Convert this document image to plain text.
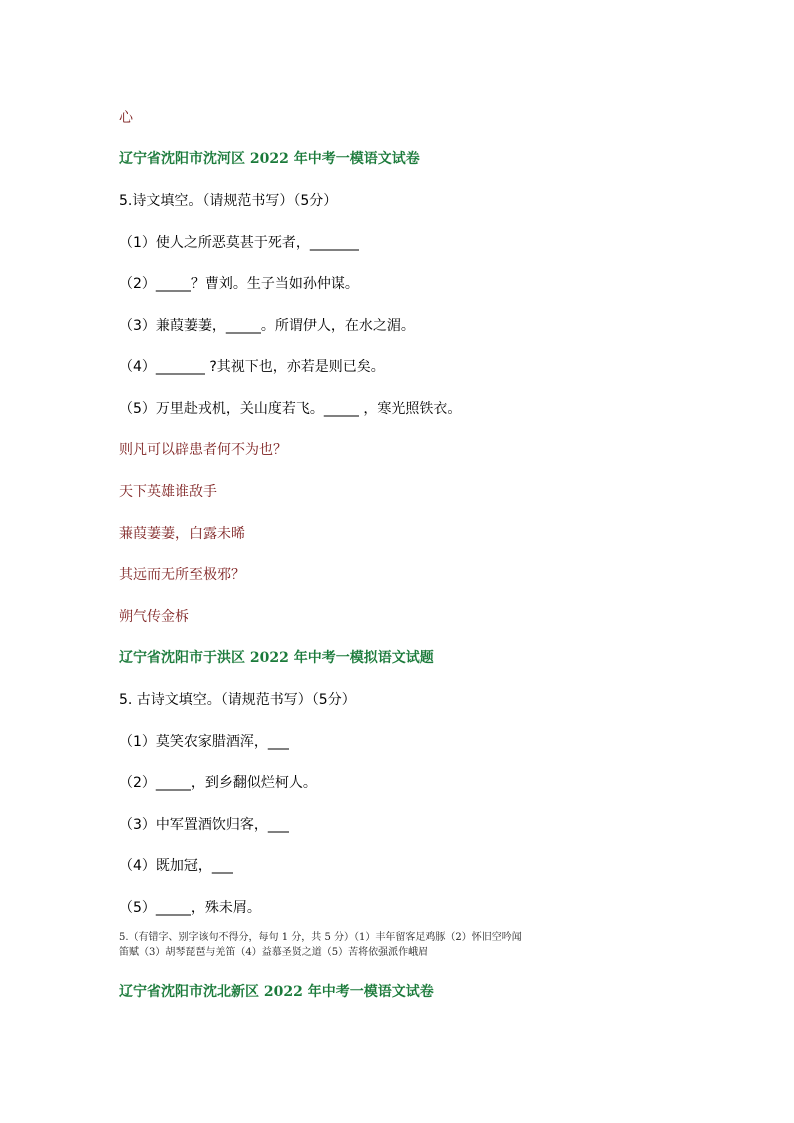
心
辽宁省沈阳市沈河区 2022 年中考一模语文试卷
5.诗文填空。（请规范书写）（5分）
（1）使人之所恶莫甚于死者，_______
（2）_____？曹刘。生子当如孙仲谋。
（3）兼葭萋萋，_____。所谓伊人，在水之湄。
（4）_______ ?其视下也，亦若是则已矣。
（5）万里赴戎机，关山度若飞。_____ ，寒光照铁衣。
则凡可以辟患者何不为也？
天下英雄谁敌手
蒹葭萋萋，白露未晞
其远而无所至极邪？
朔气传金柝
辽宁省沈阳市于洪区 2022 年中考一模拟语文试题
5. 古诗文填空。（请规范书写）（5分）
（1）莫笑农家腊酒浑，___
（2）_____，到乡翻似烂柯人。
（3）中军置酒饮归客，___
（4）既加冠，___
（5）_____，殊未屑。
5.（有错字、别字该句不得分，每句 1 分，共 5 分）（1）丰年留客足鸡豚（2）怀旧空吟闻
笛赋（3）胡琴琵琶与羌笛（4）益慕圣贤之道（5）苦将依强派作峨眉
辽宁省沈阳市沈北新区 2022 年中考一模语文试卷
